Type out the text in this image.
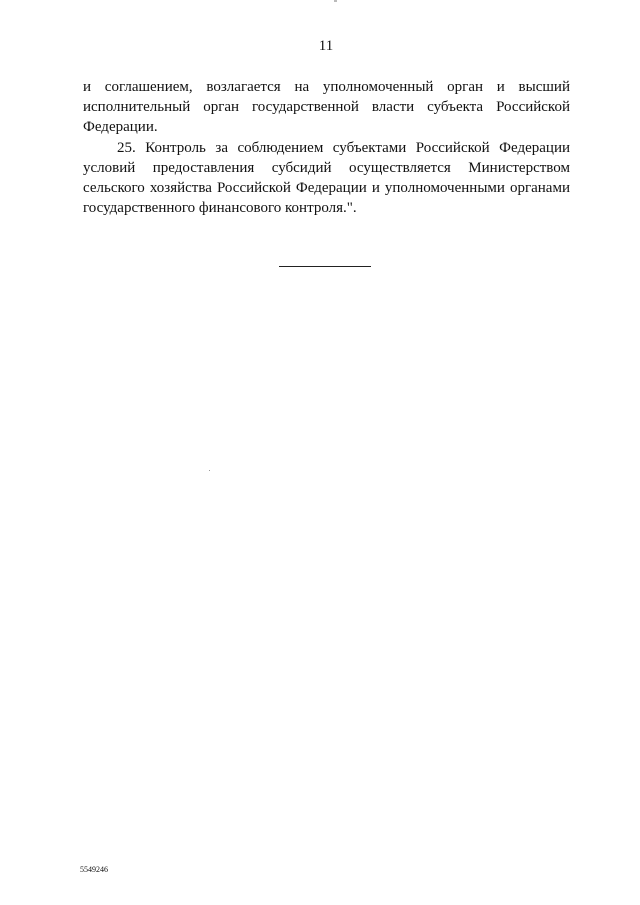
11
и соглашением, возлагается на уполномоченный орган и высший
исполнительный орган государственной власти субъекта Российской
Федерации.
25. Контроль за соблюдением субъектами Российской Федерации
условий предоставления субсидий осуществляется Министерством
сельского хозяйства Российской Федерации и уполномоченными органами
государственного финансового контроля.".
5549246
